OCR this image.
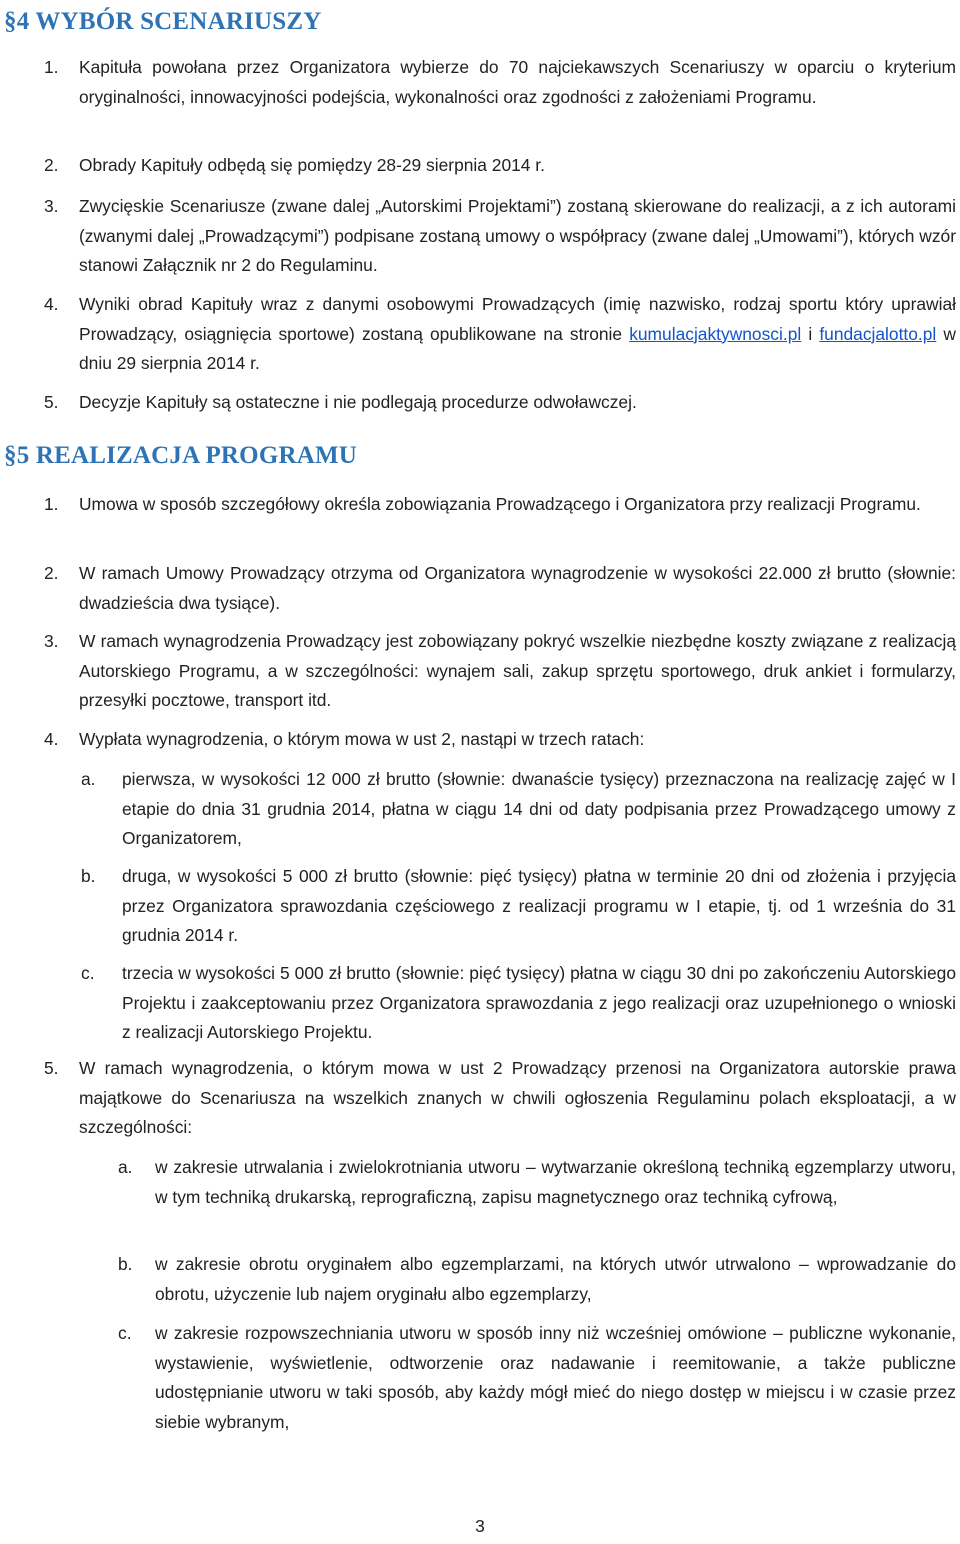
§4 WYBÓR SCENARIUSZY
1. Kapituła powołana przez Organizatora wybierze do 70 najciekawszych Scenariuszy w oparciu o kryterium oryginalności, innowacyjności podejścia, wykonalności oraz zgodności z założeniami Programu.
2. Obrady Kapituły odbędą się pomiędzy 28-29 sierpnia 2014 r.
3. Zwycięskie Scenariusze (zwane dalej „Autorskimi Projektami”) zostaną skierowane do realizacji, a z ich autorami (zwanymi dalej „Prowadzącymi”) podpisane zostaną umowy o współpracy (zwane dalej „Umowami”), których wzór stanowi Załącznik nr 2 do Regulaminu.
4. Wyniki obrad Kapituły wraz z danymi osobowymi Prowadzących (imię nazwisko, rodzaj sportu który uprawiał Prowadzący, osiągnięcia sportowe) zostaną opublikowane na stronie kumulacjaktywnosci.pl i fundacjalotto.pl w dniu 29 sierpnia 2014 r.
5. Decyzje Kapituły są ostateczne i nie podlegają procedurze odwoławczej.
§5 REALIZACJA PROGRAMU
1. Umowa w sposób szczegółowy określa zobowiązania Prowadzącego i Organizatora przy realizacji Programu.
2. W ramach Umowy Prowadzący otrzyma od Organizatora wynagrodzenie w wysokości 22.000 zł brutto (słownie: dwadzieścia dwa tysiące).
3. W ramach wynagrodzenia Prowadzący jest zobowiązany pokryć wszelkie niezbędne koszty związane z realizacją Autorskiego Programu, a w szczególności: wynajem sali, zakup sprzętu sportowego, druk ankiet i formularzy, przesyłki pocztowe, transport itd.
4. Wypłata wynagrodzenia, o którym mowa w ust 2, nastąpi w trzech ratach:
a. pierwsza, w wysokości 12 000 zł brutto (słownie: dwanaście tysięcy) przeznaczona na realizację zajęć w I etapie do dnia 31 grudnia 2014, płatna w ciągu 14 dni od daty podpisania przez Prowadzącego umowy z Organizatorem,
b. druga, w wysokości 5 000 zł brutto (słownie: pięć tysięcy) płatna w terminie 20 dni od złożenia i przyjęcia przez Organizatora sprawozdania częściowego z realizacji programu w I etapie, tj. od 1 września do 31 grudnia 2014 r.
c. trzecia w wysokości 5 000 zł brutto (słownie: pięć tysięcy) płatna w ciągu 30 dni po zakończeniu Autorskiego Projektu i zaakceptowaniu przez Organizatora sprawozdania z jego realizacji oraz uzupełnionego o wnioski z realizacji Autorskiego Projektu.
5. W ramach wynagrodzenia, o którym mowa w ust 2 Prowadzący przenosi na Organizatora autorskie prawa majątkowe do Scenariusza na wszelkich znanych w chwili ogłoszenia Regulaminu polach eksploatacji, a w szczególności:
a. w zakresie utrwalania i zwielokrotniania utworu – wytwarzanie określoną techniką egzemplarzy utworu, w tym techniką drukarską, reprograficzną, zapisu magnetycznego oraz techniką cyfrową,
b. w zakresie obrotu oryginałem albo egzemplarzami, na których utwór utrwalono – wprowadzanie do obrotu, użyczenie lub najem oryginału albo egzemplarzy,
c. w zakresie rozpowszechniania utworu w sposób inny niż wcześniej omówione – publiczne wykonanie, wystawienie, wyświetlenie, odtworzenie oraz nadawanie i reemitowanie, a także publiczne udostępnianie utworu w taki sposób, aby każdy mógł mieć do niego dostęp w miejscu i w czasie przez siebie wybranym,
3
